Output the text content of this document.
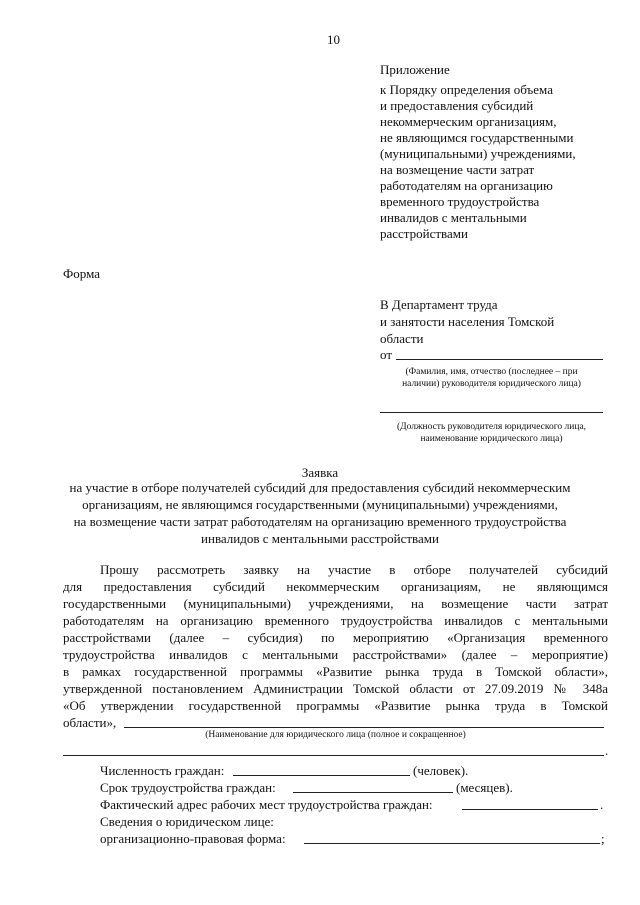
10
Приложение
к Порядку определения объема
и предоставления субсидий
некоммерческим организациям,
не являющимся государственными
(муниципальными) учреждениями,
на возмещение части затрат
работодателям на организацию
временного трудоустройства
инвалидов с ментальными
расстройствами
Форма
В Департамент труда
и занятости населения Томской
области
от
(Фамилия, имя, отчество (последнее – при
наличии) руководителя юридического лица)
(Должность руководителя юридического лица,
наименование юридического лица)
Заявка
на участие в отборе получателей субсидий для предоставления субсидий некоммерческим
организациям, не являющимся государственными (муниципальными) учреждениями,
на возмещение части затрат работодателям на организацию временного трудоустройства
инвалидов с ментальными расстройствами
Прошу рассмотреть заявку на участие в отборе получателей субсидий
для предоставления субсидий некоммерческим организациям, не являющимся
государственными (муниципальными) учреждениями, на возмещение части затрат
работодателям на организацию временного трудоустройства инвалидов с ментальными
расстройствами (далее – субсидия) по мероприятию «Организация временного
трудоустройства инвалидов с ментальными расстройствами» (далее – мероприятие)
в рамках государственной программы «Развитие рынка труда в Томской области»,
утвержденной постановлением Администрации Томской области от 27.09.2019 № 348а
«Об утверждении государственной программы «Развитие рынка труда в Томской
области»,
(Наименование для юридического лица (полное и сокращенное)
.
Численность граждан:	(человек).
Срок трудоустройства граждан:	(месяцев).
Фактический адрес рабочих мест трудоустройства граждан:	.
Сведения о юридическом лице:
организационно-правовая форма:	;
